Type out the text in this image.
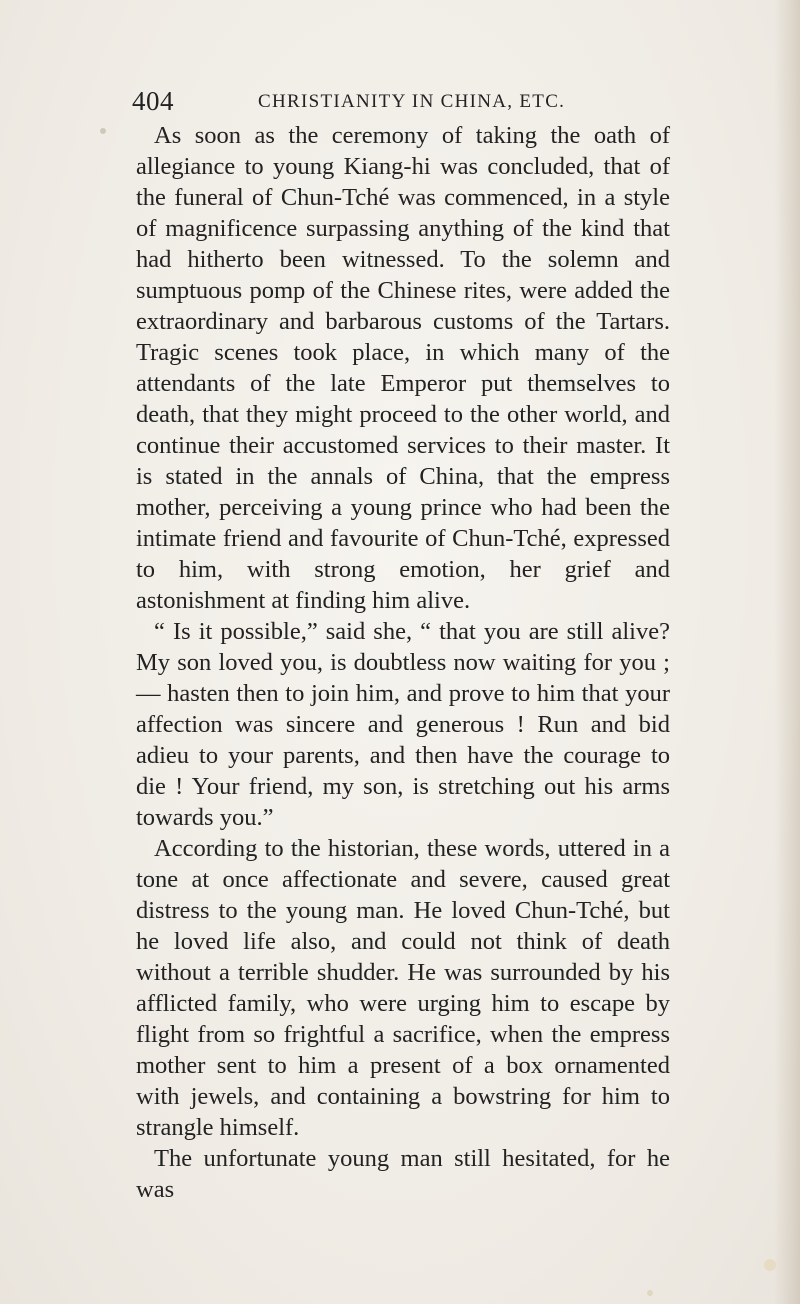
404	CHRISTIANITY IN CHINA, ETC.

As soon as the ceremony of taking the oath of allegiance to young Kiang-hi was concluded, that of the funeral of Chun-Tché was commenced, in a style of magnificence surpassing anything of the kind that had hitherto been witnessed. To the solemn and sumptuous pomp of the Chinese rites, were added the extraordinary and barbarous customs of the Tartars. Tragic scenes took place, in which many of the attendants of the late Emperor put themselves to death, that they might proceed to the other world, and continue their accustomed services to their master. It is stated in the annals of China, that the empress mother, perceiving a young prince who had been the intimate friend and favourite of Chun-Tché, expressed to him, with strong emotion, her grief and astonishment at finding him alive.

“ Is it possible,” said she, “ that you are still alive? My son loved you, is doubtless now waiting for you ;— hasten then to join him, and prove to him that your affection was sincere and generous ! Run and bid adieu to your parents, and then have the courage to die ! Your friend, my son, is stretching out his arms towards you.”

According to the historian, these words, uttered in a tone at once affectionate and severe, caused great distress to the young man. He loved Chun-Tché, but he loved life also, and could not think of death without a terrible shudder. He was surrounded by his afflicted family, who were urging him to escape by flight from so frightful a sacrifice, when the empress mother sent to him a present of a box ornamented with jewels, and containing a bowstring for him to strangle himself.

The unfortunate young man still hesitated, for he was
